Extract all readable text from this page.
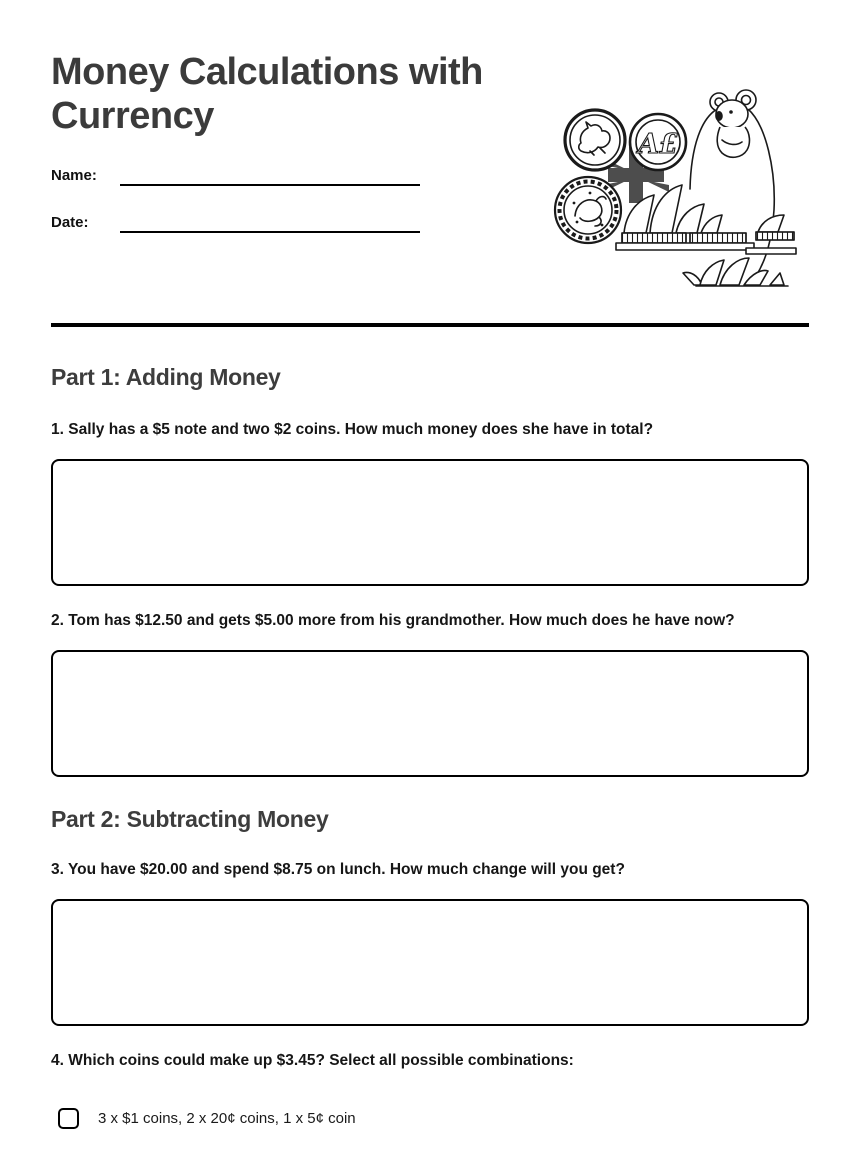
Money Calculations with Currency
Name:
Date:
A£
Part 1: Adding Money

1. Sally has a $5 note and two $2 coins. How much money does she have in total?

2. Tom has $12.50 and gets $5.00 more from his grandmother. How much does he have now?

Part 2: Subtracting Money

3. You have $20.00 and spend $8.75 on lunch. How much change will you get?

4. Which coins could make up $3.45? Select all possible combinations:

3 x $1 coins, 2 x 20¢ coins, 1 x 5¢ coin
